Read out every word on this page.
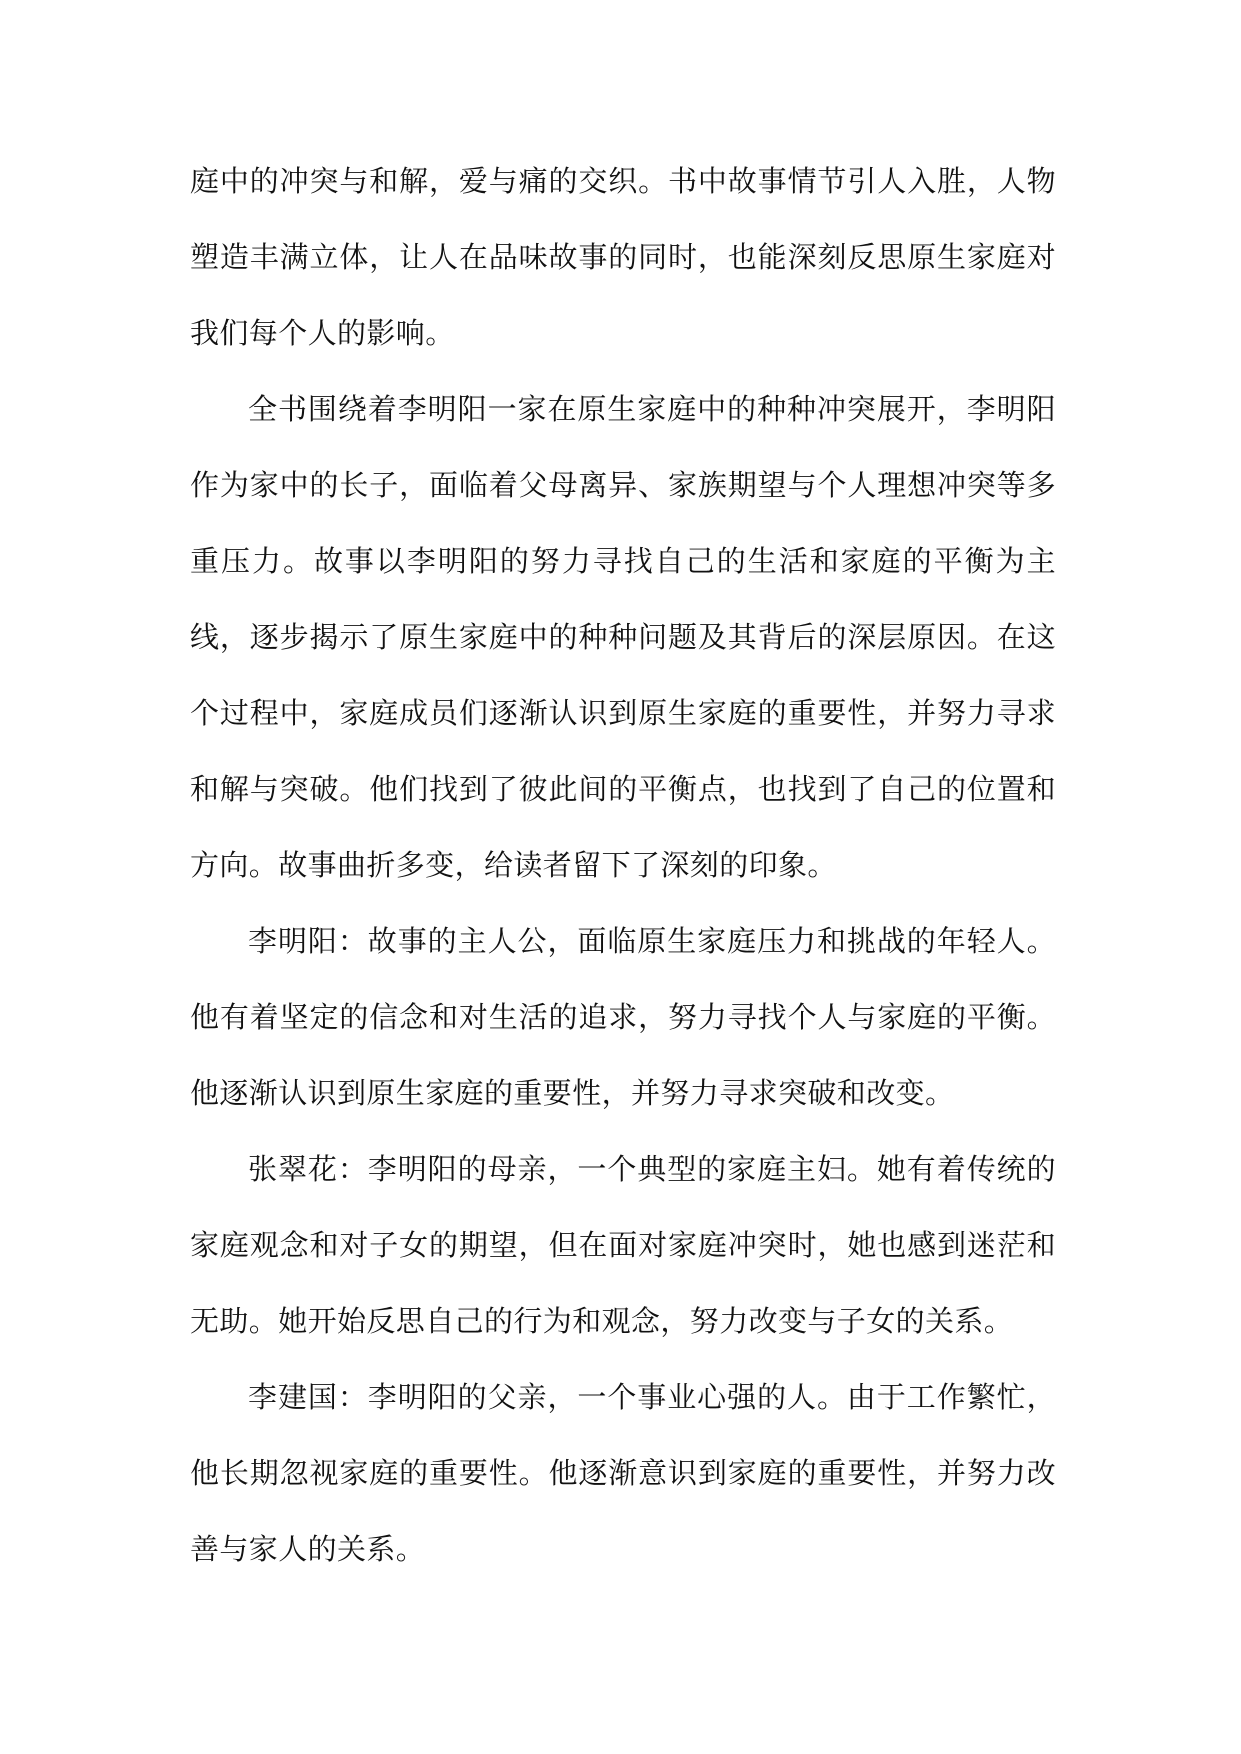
庭中的冲突与和解，爱与痛的交织。书中故事情节引人入胜，人物塑造丰满立体，让人在品味故事的同时，也能深刻反思原生家庭对我们每个人的影响。

全书围绕着李明阳一家在原生家庭中的种种冲突展开，李明阳作为家中的长子，面临着父母离异、家族期望与个人理想冲突等多重压力。故事以李明阳的努力寻找自己的生活和家庭的平衡为主线，逐步揭示了原生家庭中的种种问题及其背后的深层原因。在这个过程中，家庭成员们逐渐认识到原生家庭的重要性，并努力寻求和解与突破。他们找到了彼此间的平衡点，也找到了自己的位置和方向。故事曲折多变，给读者留下了深刻的印象。

李明阳：故事的主人公，面临原生家庭压力和挑战的年轻人。他有着坚定的信念和对生活的追求，努力寻找个人与家庭的平衡。他逐渐认识到原生家庭的重要性，并努力寻求突破和改变。

张翠花：李明阳的母亲，一个典型的家庭主妇。她有着传统的家庭观念和对子女的期望，但在面对家庭冲突时，她也感到迷茫和无助。她开始反思自己的行为和观念，努力改变与子女的关系。

李建国：李明阳的父亲，一个事业心强的人。由于工作繁忙，他长期忽视家庭的重要性。他逐渐意识到家庭的重要性，并努力改善与家人的关系。
